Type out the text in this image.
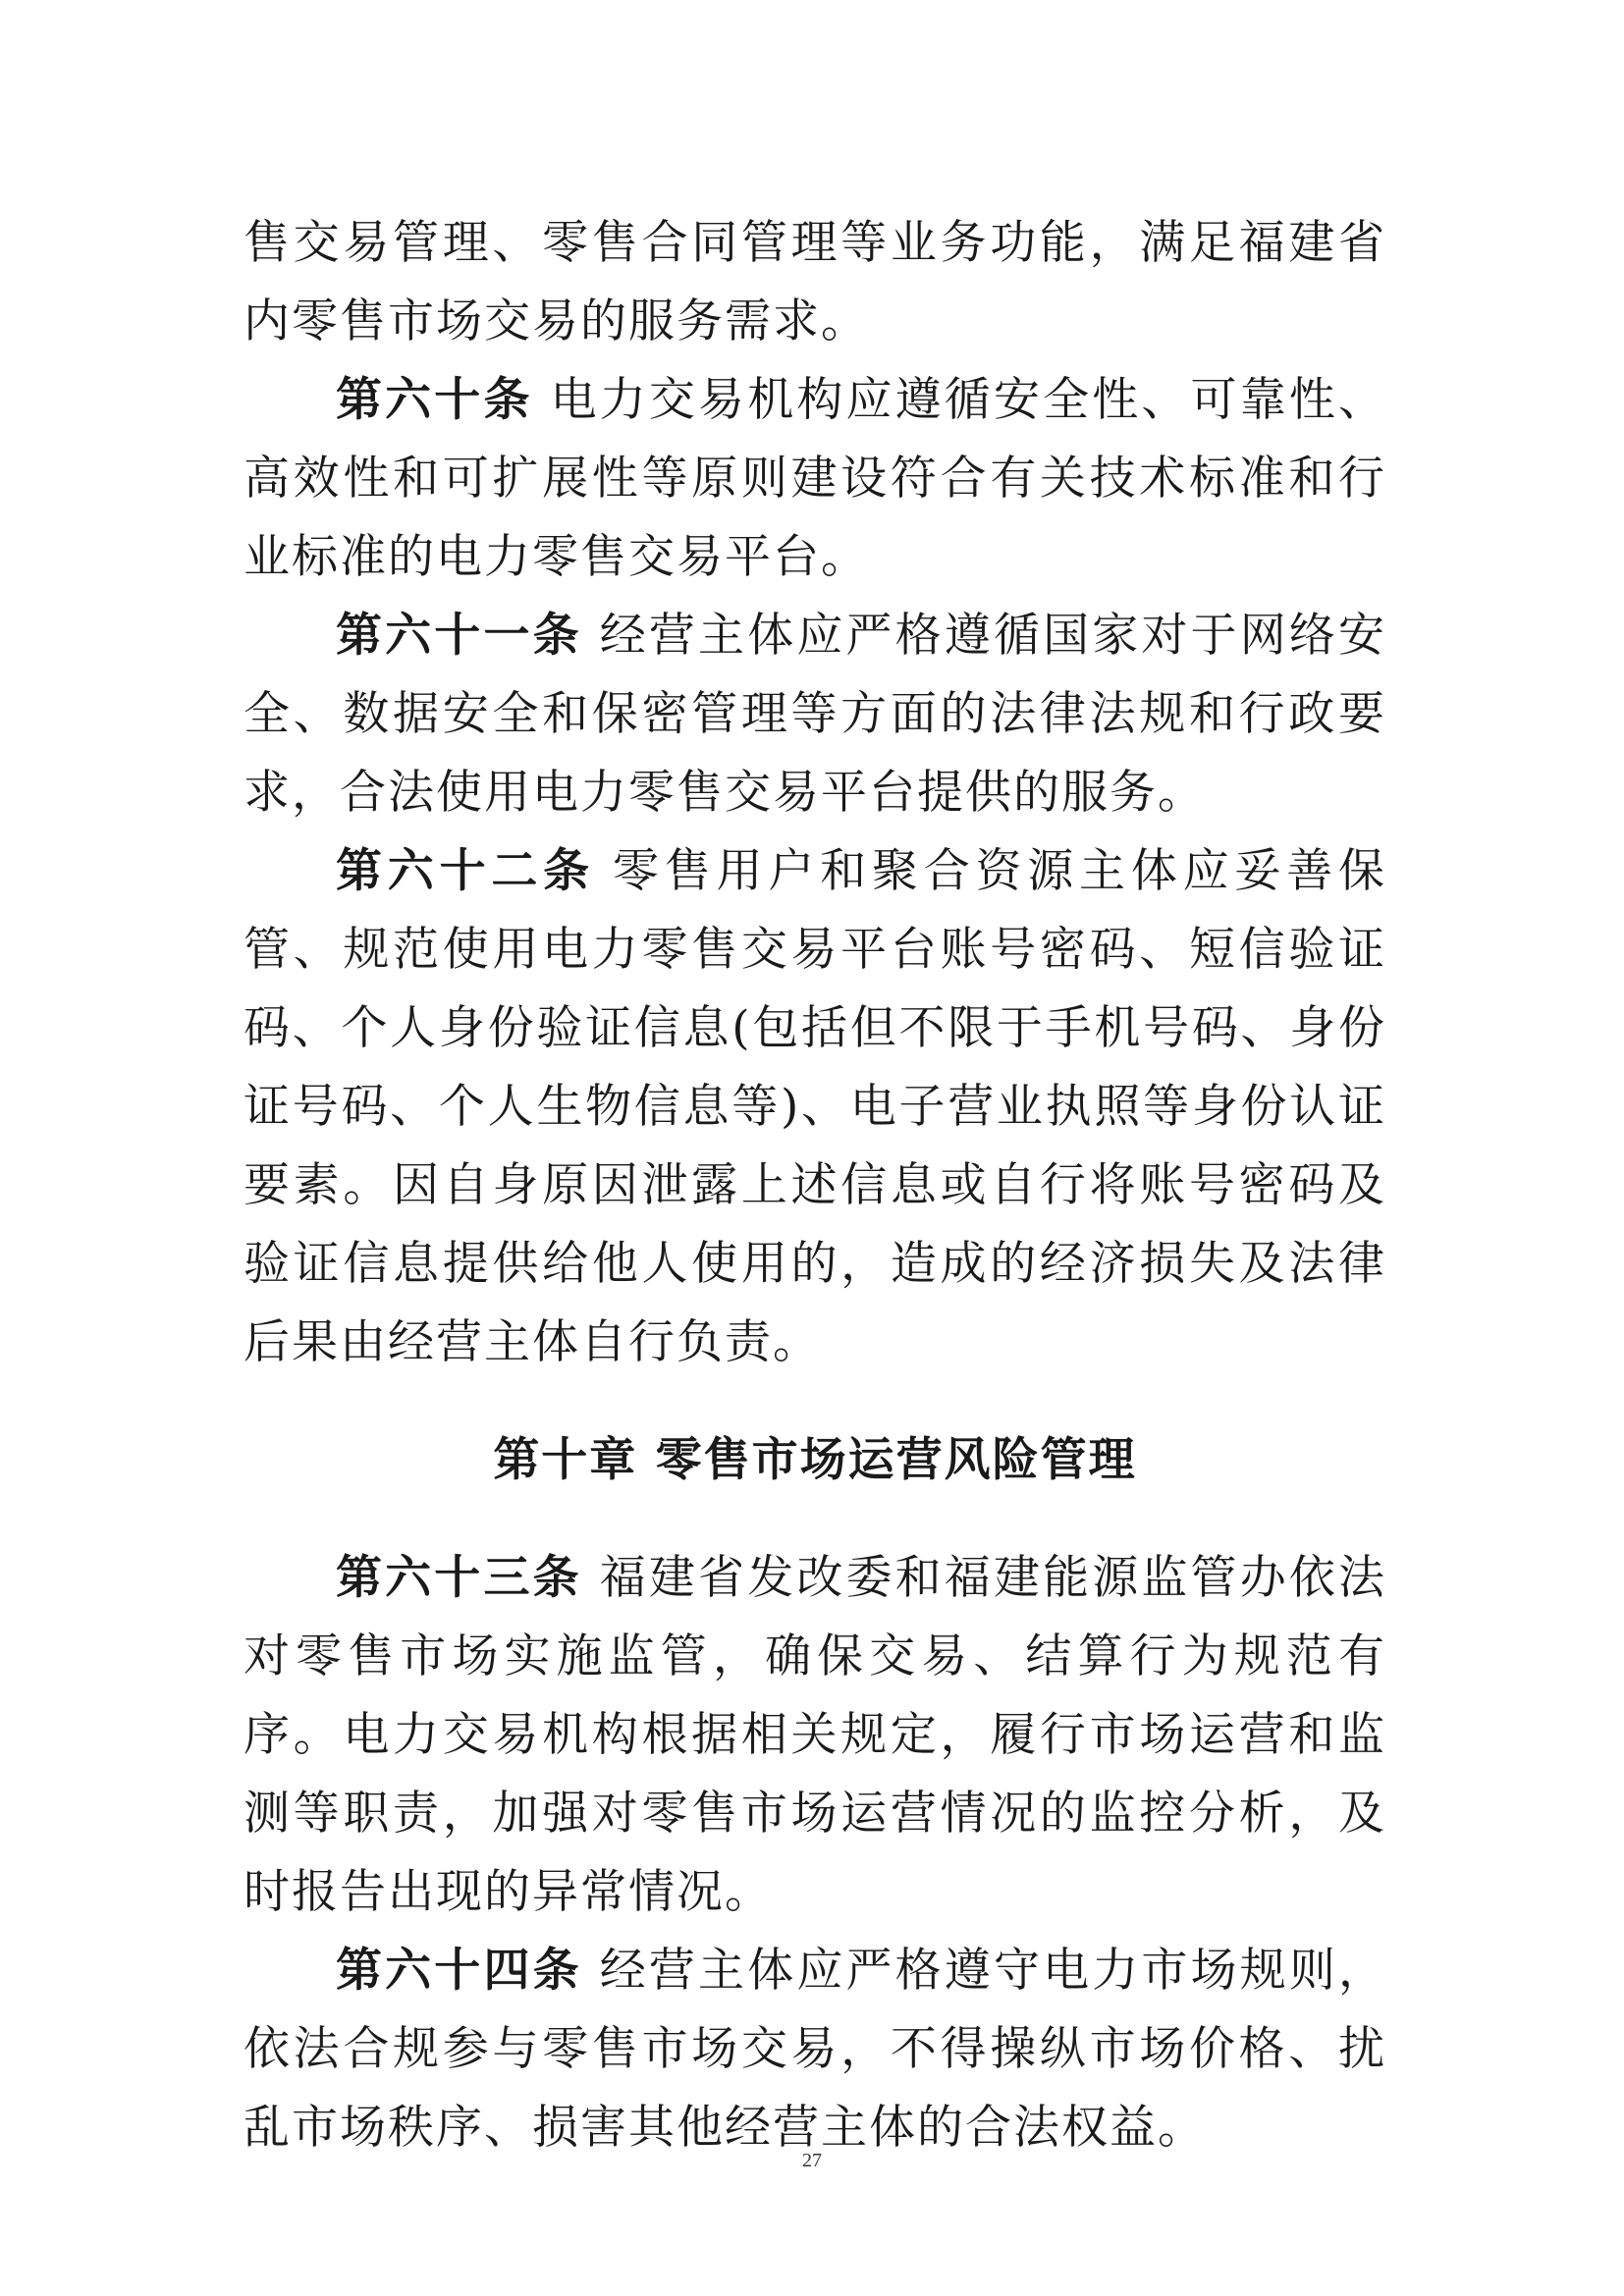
售交易管理、零售合同管理等业务功能，满足福建省内零售市场交易的服务需求。

第六十条 电力交易机构应遵循安全性、可靠性、高效性和可扩展性等原则建设符合有关技术标准和行业标准的电力零售交易平台。

第六十一条 经营主体应严格遵循国家对于网络安全、数据安全和保密管理等方面的法律法规和行政要求，合法使用电力零售交易平台提供的服务。

第六十二条 零售用户和聚合资源主体应妥善保管、规范使用电力零售交易平台账号密码、短信验证码、个人身份验证信息(包括但不限于手机号码、身份证号码、个人生物信息等)、电子营业执照等身份认证要素。因自身原因泄露上述信息或自行将账号密码及验证信息提供给他人使用的，造成的经济损失及法律后果由经营主体自行负责。

第十章 零售市场运营风险管理

第六十三条 福建省发改委和福建能源监管办依法对零售市场实施监管，确保交易、结算行为规范有序。电力交易机构根据相关规定，履行市场运营和监测等职责，加强对零售市场运营情况的监控分析，及时报告出现的异常情况。

第六十四条 经营主体应严格遵守电力市场规则，依法合规参与零售市场交易，不得操纵市场价格、扰乱市场秩序、损害其他经营主体的合法权益。

27
